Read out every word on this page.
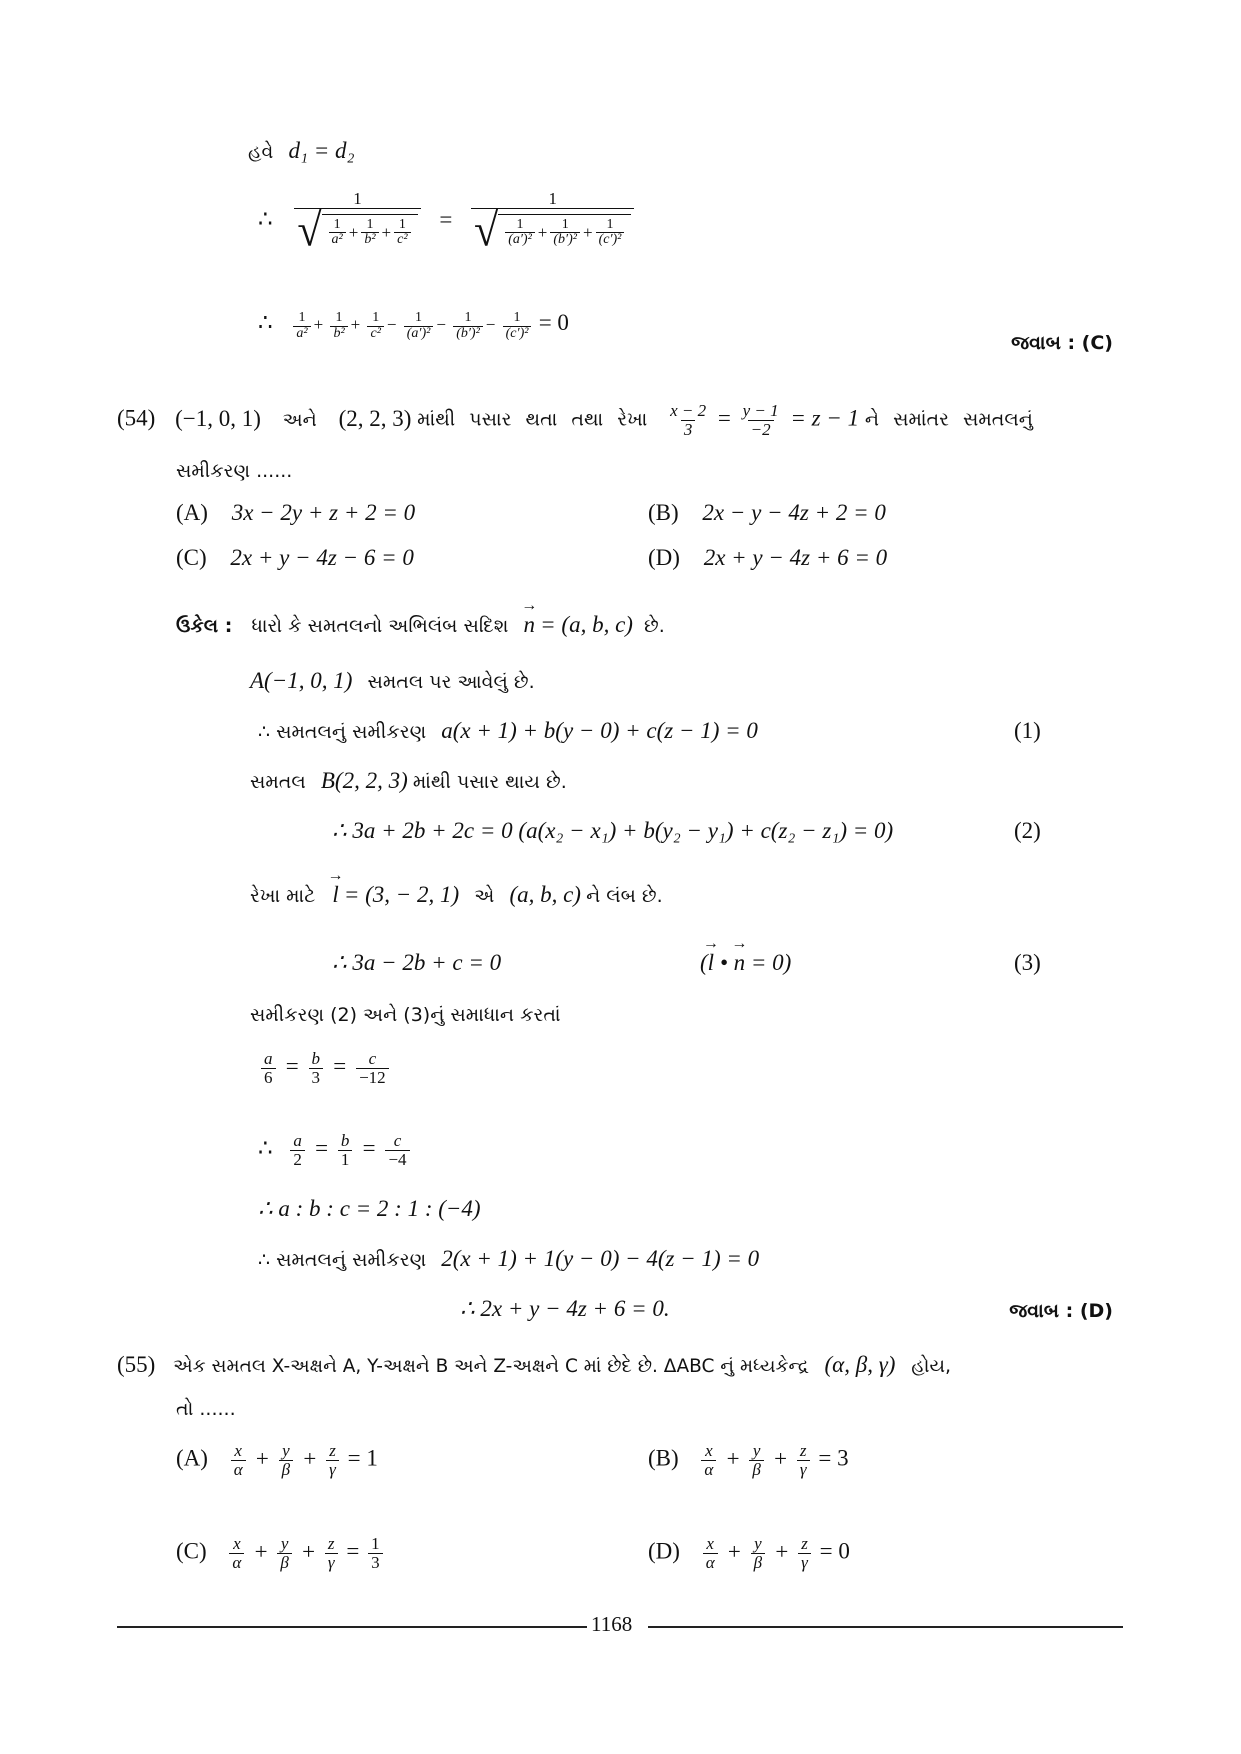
હવે d₁ = d₂
∴ $\frac{1}{√ \frac{1}{\text{a²}} + \frac{1}{\text{b²}} + \frac{1}{\text{c²}}} = \frac{1}{√ \frac{1}{\text{(a′)²}} + \frac{1}{\text{(b′)²}} + \frac{1}{\text{(c′)²}}}$
∴ $\frac{1}{\text{a²}} + \frac{1}{\text{b²}} + \frac{1}{\text{c²}} - \frac{1}{\text{(a′)²}} - \frac{1}{\text{(b′)²}} - \frac{1}{\text{(c′)²}} = 0$
જવાબ : (C)
(54) (−1, 0, 1) અને (2, 2, 3) માંથી પસાર થતા તથા રેખા $\frac{x - 2}{3} = \frac{y - 1}{-2} = z - 1$ ને સમાંતર સમતલનું
સમીકરણ ......
(A) 3x − 2y + z + 2 = 0	(B) 2x − y − 4z + 2 = 0
(C) 2x + y − 4z − 6 = 0	(D) 2x + y − 4z + 6 = 0
ઉકેલ : ધારો કે સમતલનો અભિલંબ સદિશ → n = (a, b, c) છે.
A(−1, 0, 1) સમતલ પર આવેલું છે.
∴ સમતલનું સમીકરણ a(x + 1) + b(y − 0) + c(z − 1) = 0	(1)
સમતલ B(2, 2, 3) માંથી પસાર થાય છે.
∴ 3a + 2b + 2c = 0 (a(x₂ − x₁) + b(y₂ − y₁) + c(z₂ − z₁) = 0)	(2)
રેખા માટે → l = (3, − 2, 1) એ (a, b, c) ને લંબ છે.
∴ 3a − 2b + c = 0	(→ l • → n = 0)	(3)
સમીકરણ (2) અને (3)નું સમાધાન કરતાં
$\frac{a}{6} = \frac{b}{3} = \frac{c}{-12}$
∴ $\frac{a}{2} = \frac{b}{1} = \frac{c}{-4}$
∴ a : b : c = 2 : 1 : (−4)
∴ સમતલનું સમીકરણ 2(x + 1) + 1(y − 0) − 4(z − 1) = 0
∴ 2x + y − 4z + 6 = 0.	જવાબ : (D)
(55) એક સમતલ X-અક્ષને A, Y-અક્ષને B અને Z-અક્ષને C માં છેદે છે. ΔABC નું મધ્યકેન્દ્ર (α, β, γ) હોય,
તો ......
$(A) \frac{x}{\alpha} + \frac{y}{\beta} + \frac{z}{\gamma} = 1$	$(B) \frac{x}{\alpha} + \frac{y}{\beta} + \frac{z}{\gamma} = 3$
$(C) \frac{x}{\alpha} + \frac{y}{\beta} + \frac{z}{\gamma} = \frac{1}{3}$	$(D) \frac{x}{\alpha} + \frac{y}{\beta} + \frac{z}{\gamma} = 0$
1168
